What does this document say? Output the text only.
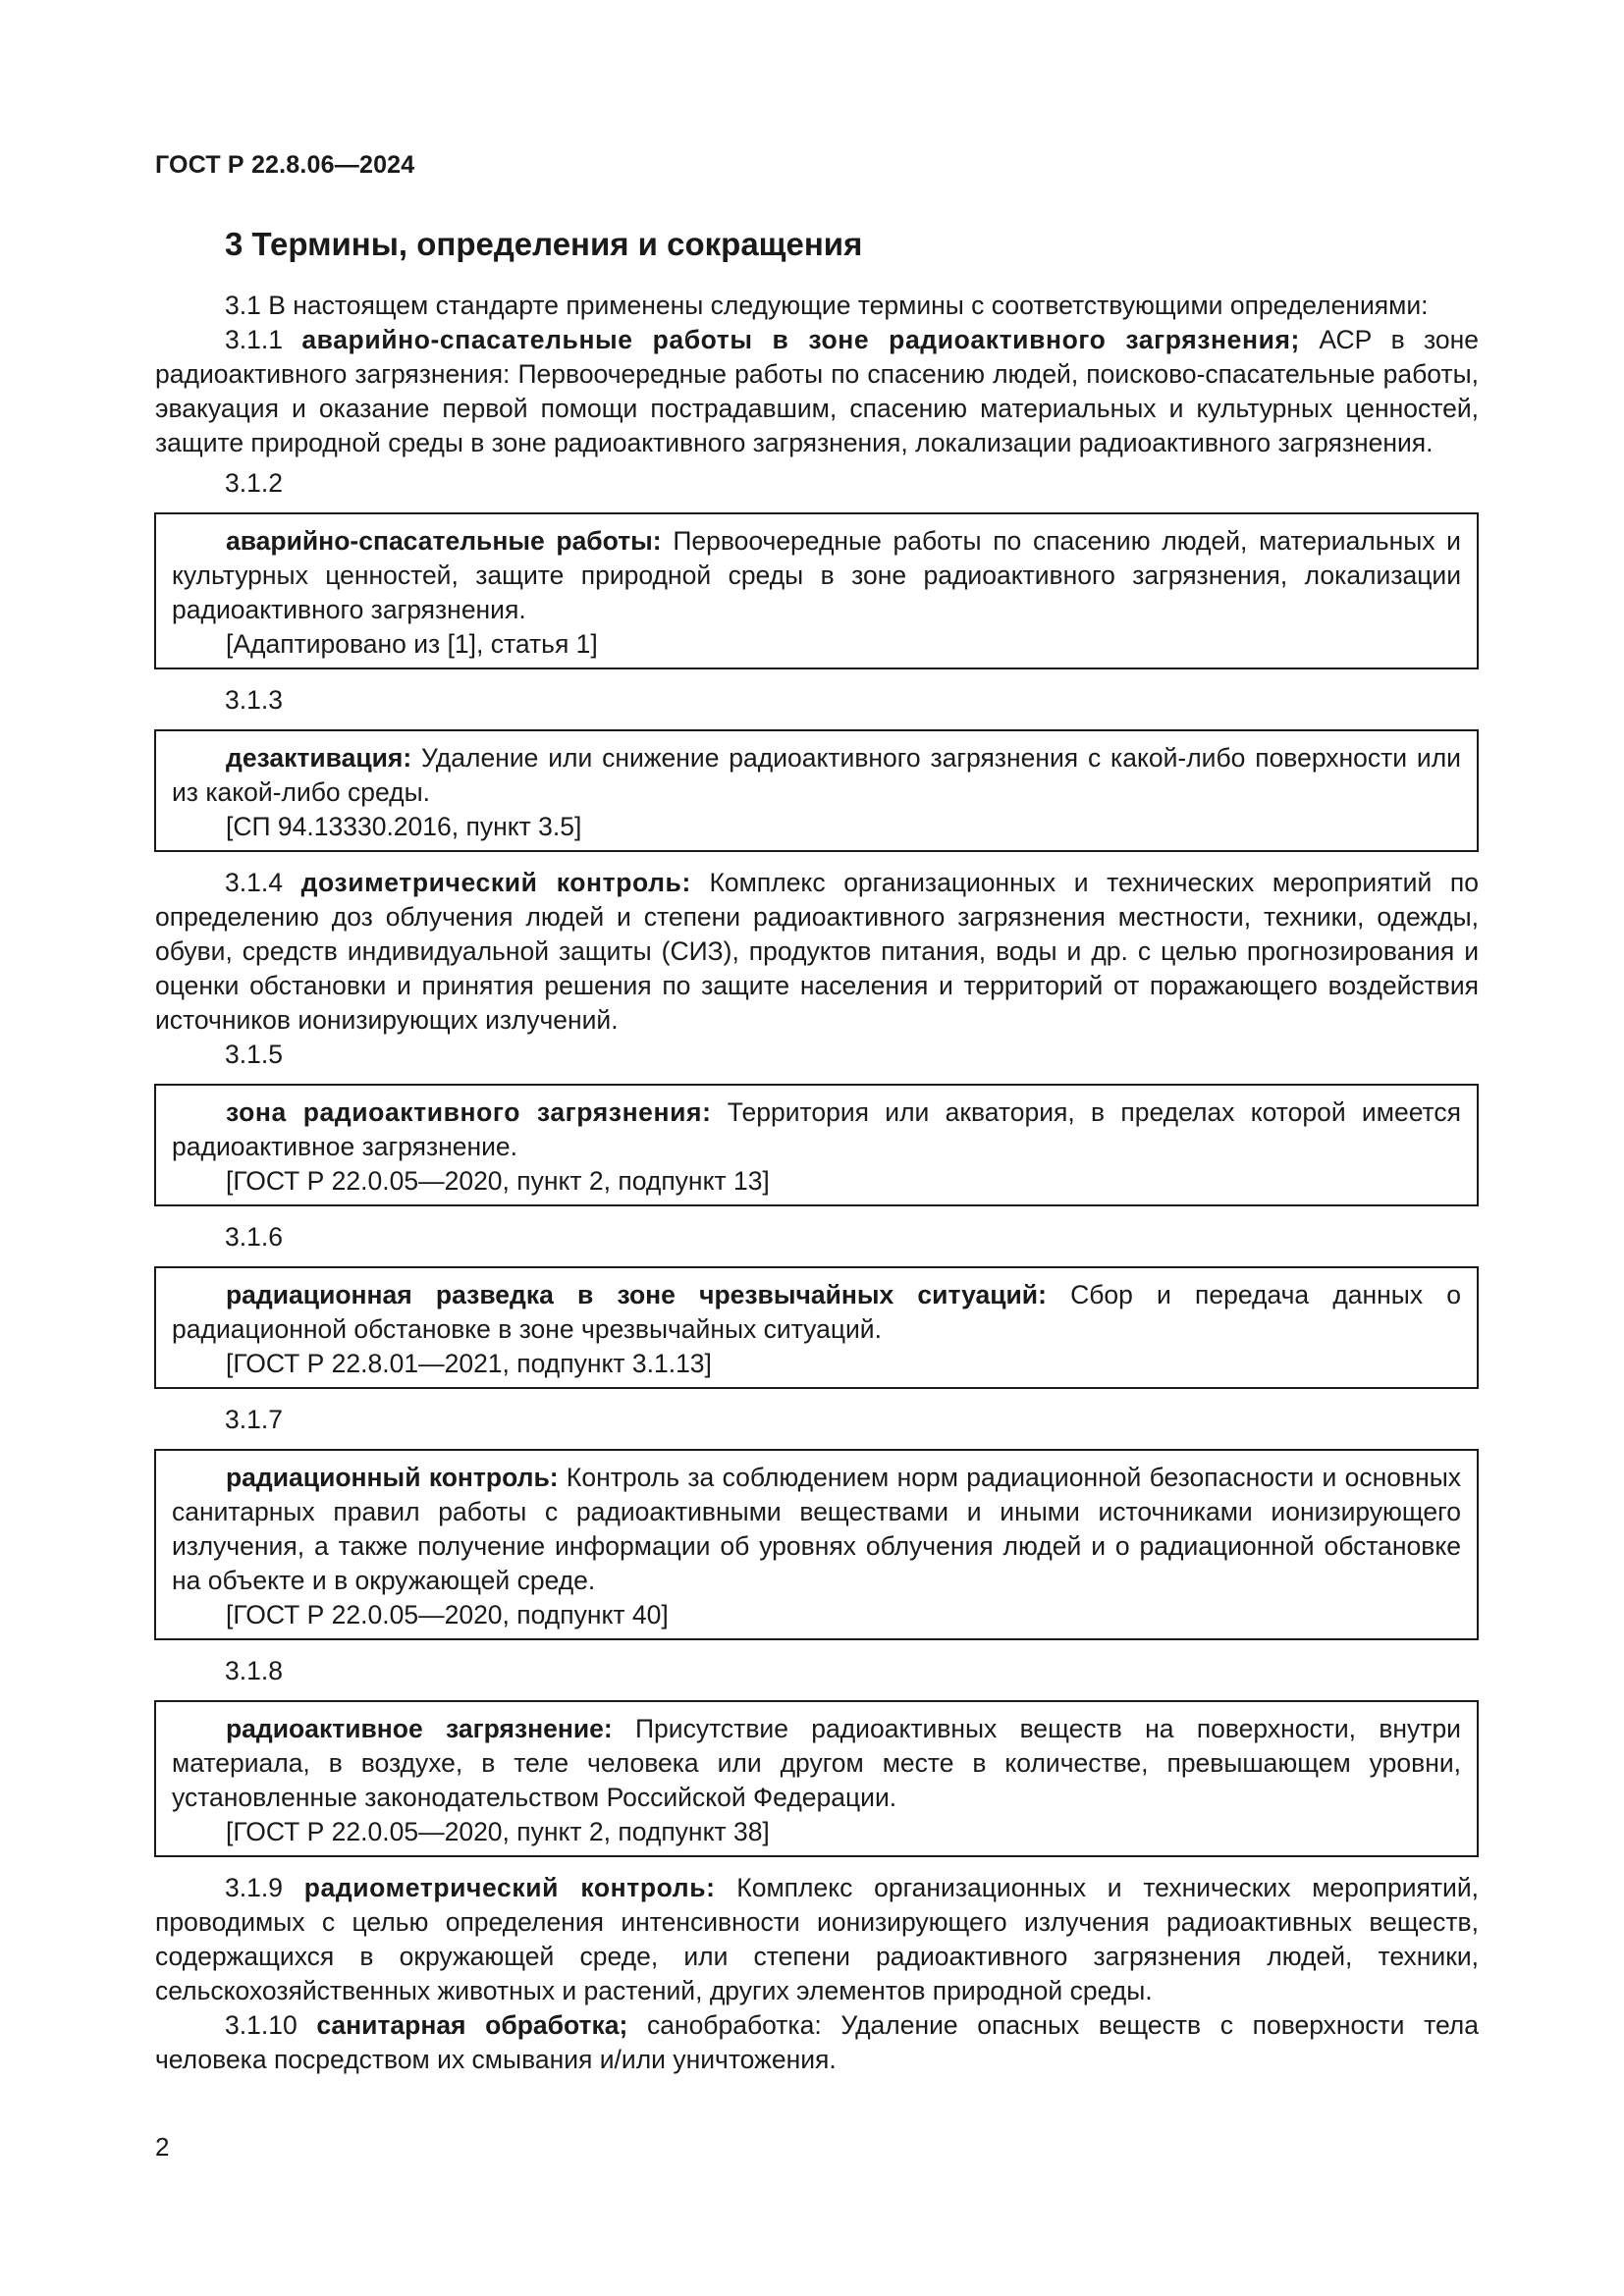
ГОСТ Р 22.8.06—2024
3 Термины, определения и сокращения

3.1 В настоящем стандарте применены следующие термины с соответствующими определениями:

3.1.1 аварийно-спасательные работы в зоне радиоактивного загрязнения; АСР в зоне радиоактивного загрязнения: Первоочередные работы по спасению людей, поисково-спасательные работы, эвакуация и оказание первой помощи пострадавшим, спасению материальных и культурных ценностей, защите природной среды в зоне радиоактивного загрязнения, локализации радиоактивного загрязнения.

3.1.2

аварийно-спасательные работы: Первоочередные работы по спасению людей, материальных и культурных ценностей, защите природной среды в зоне радиоактивного загрязнения, локализации радиоактивного загрязнения.

[Адаптировано из [1], статья 1]

3.1.3

дезактивация: Удаление или снижение радиоактивного загрязнения с какой-либо поверхности или из какой-либо среды.

[СП 94.13330.2016, пункт 3.5]

3.1.4 дозиметрический контроль: Комплекс организационных и технических мероприятий по определению доз облучения людей и степени радиоактивного загрязнения местности, техники, одежды, обуви, средств индивидуальной защиты (СИЗ), продуктов питания, воды и др. с целью прогнозирования и оценки обстановки и принятия решения по защите населения и территорий от поражающего воздействия источников ионизирующих излучений.

3.1.5

зона радиоактивного загрязнения: Территория или акватория, в пределах которой имеется радиоактивное загрязнение.

[ГОСТ Р 22.0.05—2020, пункт 2, подпункт 13]

3.1.6

радиационная разведка в зоне чрезвычайных ситуаций: Сбор и передача данных о радиационной обстановке в зоне чрезвычайных ситуаций.

[ГОСТ Р 22.8.01—2021, подпункт 3.1.13]

3.1.7

радиационный контроль: Контроль за соблюдением норм радиационной безопасности и основных санитарных правил работы с радиоактивными веществами и иными источниками ионизирующего излучения, а также получение информации об уровнях облучения людей и о радиационной обстановке на объекте и в окружающей среде.

[ГОСТ Р 22.0.05—2020, подпункт 40]

3.1.8

радиоактивное загрязнение: Присутствие радиоактивных веществ на поверхности, внутри материала, в воздухе, в теле человека или другом месте в количестве, превышающем уровни, установленные законодательством Российской Федерации.

[ГОСТ Р 22.0.05—2020, пункт 2, подпункт 38]

3.1.9 радиометрический контроль: Комплекс организационных и технических мероприятий, проводимых с целью определения интенсивности ионизирующего излучения радиоактивных веществ, содержащихся в окружающей среде, или степени радиоактивного загрязнения людей, техники, сельскохозяйственных животных и растений, других элементов природной среды.

3.1.10 санитарная обработка; санобработка: Удаление опасных веществ с поверхности тела человека посредством их смывания и/или уничтожения.

2
